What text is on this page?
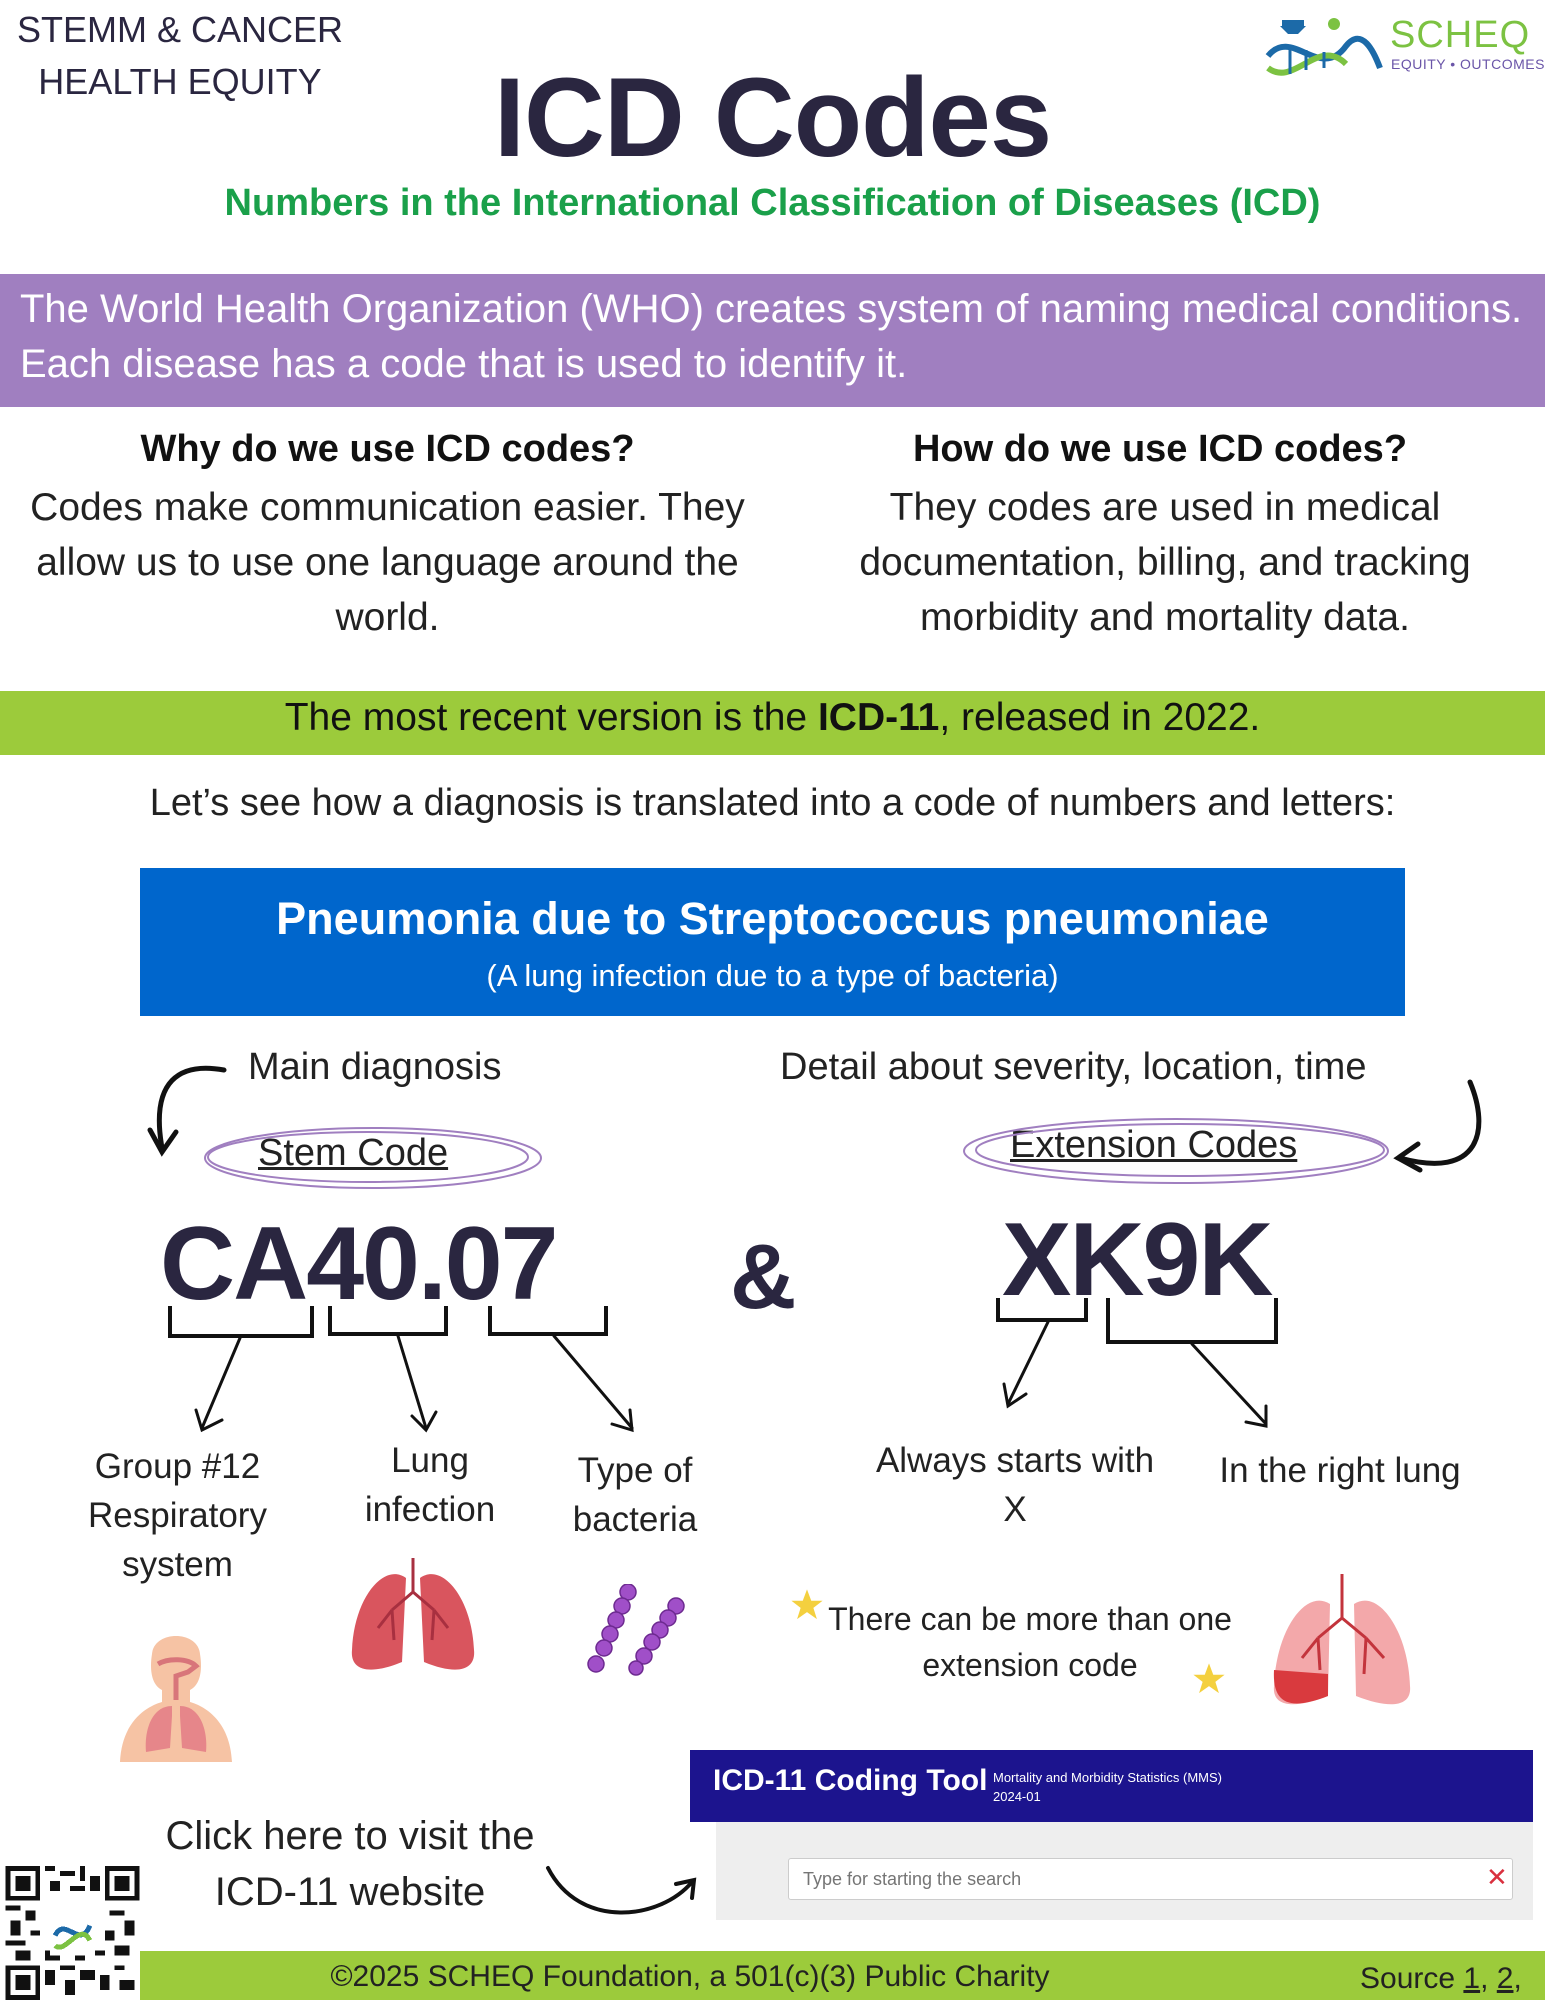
STEMM & CANCER
HEALTH EQUITY
SCHEQ
EQUITY • OUTCOMES
ICD Codes
Numbers in the International Classification of Diseases (ICD)
The World Health Organization (WHO) creates system of naming medical conditions. Each disease has a code that is used to identify it.
Why do we use ICD codes?
Codes make communication easier. They allow us to use one language around the world.
How do we use ICD codes?
They codes are used in medical documentation, billing, and tracking morbidity and mortality data.
The most recent version is the ICD-11, released in 2022.
Let’s see how a diagnosis is translated into a code of numbers and letters:
Pneumonia due to Streptococcus pneumoniae
(A lung infection due to a type of bacteria)
Main diagnosis	Detail about severity, location, time
Stem Code	Extension Codes
CA40.07 & XK9K
Group #12 Respiratory system
Lung infection
Type of bacteria
Always starts with X
In the right lung
There can be more than one extension code
Click here to visit the ICD-11 website
ICD-11 Coding Tool Mortality and Morbidity Statistics (MMS)
2024-01
Type for starting the search
✕
©2025 SCHEQ Foundation, a 501(c)(3) Public Charity	Source 1, 2,
